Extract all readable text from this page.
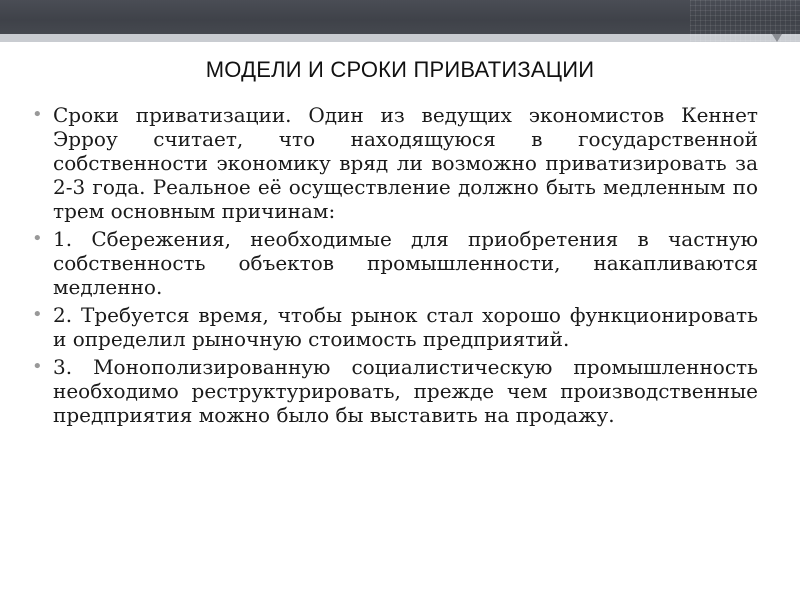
МОДЕЛИ И СРОКИ ПРИВАТИЗАЦИИ
• Сроки приватизации. Один из ведущих экономистов Кеннет Эрроу считает, что находящуюся в государственной собственности экономику вряд ли возможно приватизировать за 2-3 года. Реальное её осуществление должно быть медленным по трем основным причинам:
• 1. Сбережения, необходимые для приобретения в частную собственность объектов промышленности, накапливаются медленно.
• 2. Требуется время, чтобы рынок стал хорошо функционировать и определил рыночную стоимость предприятий.
• 3. Монополизированную социалистическую промышленность необходимо реструктурировать, прежде чем производственные предприятия можно было бы выставить на продажу.
